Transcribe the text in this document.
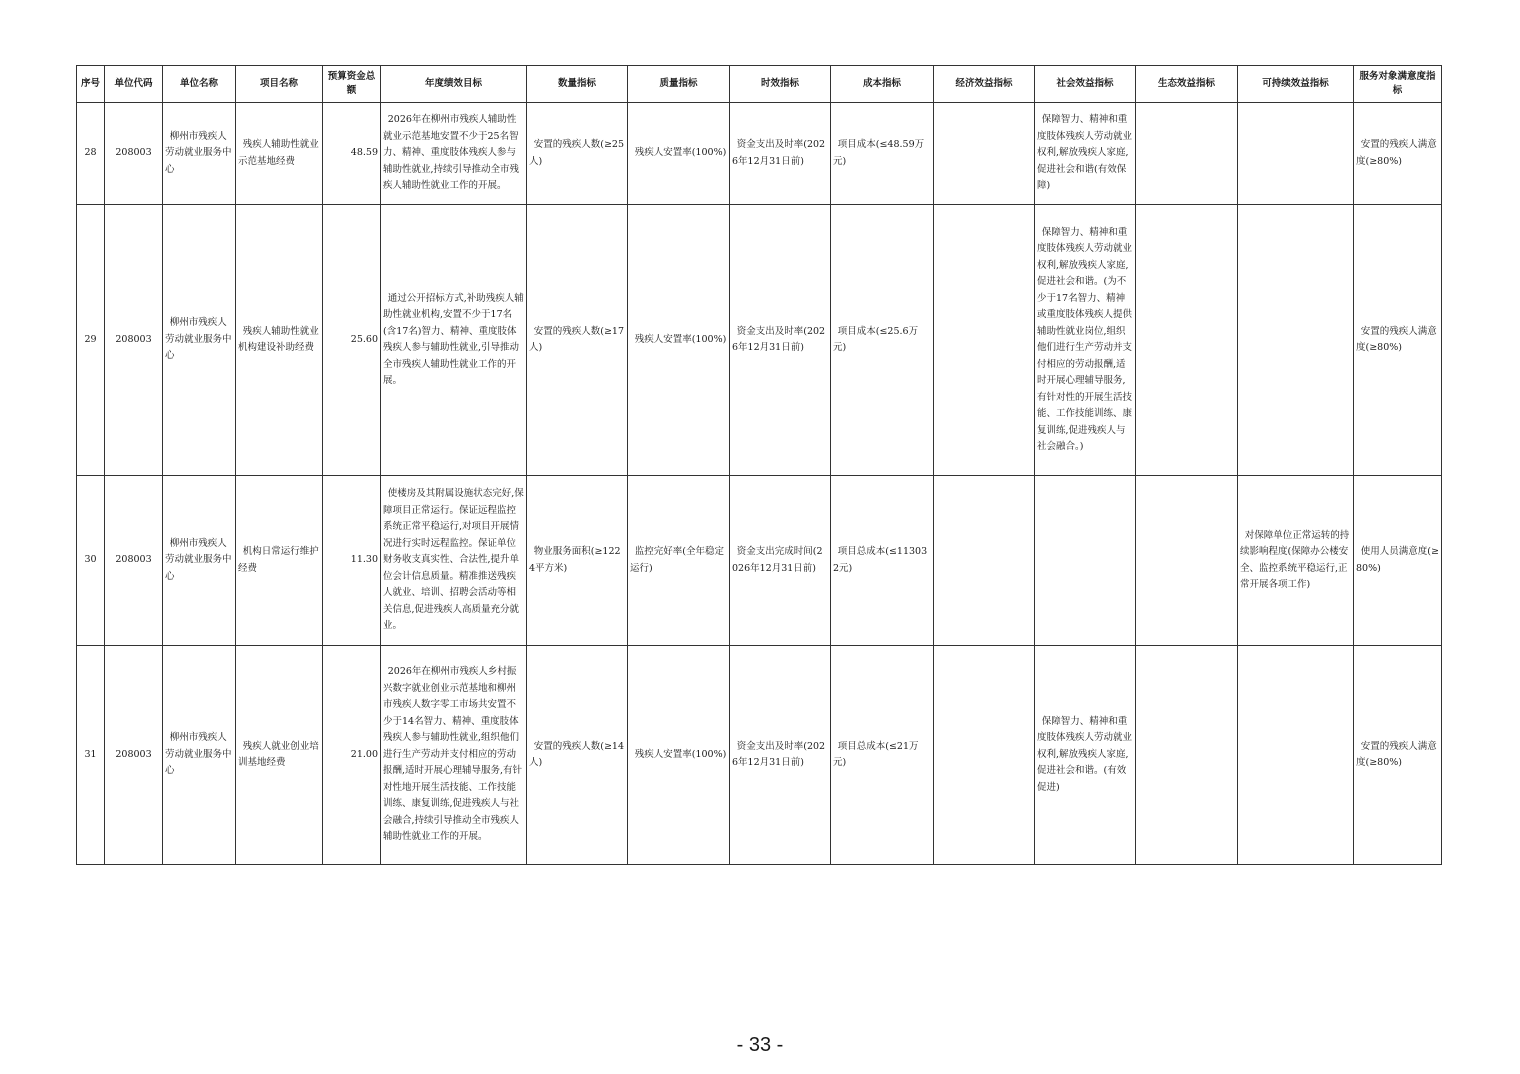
序号	单位代码	单位名称	项目名称	预算资金总额	年度绩效目标	数量指标	质量指标	时效指标	成本指标	经济效益指标	社会效益指标	生态效益指标	可持续效益指标	服务对象满意度指标
28	208003	柳州市残疾人劳动就业服务中心	残疾人辅助性就业示范基地经费	48.59	2026年在柳州市残疾人辅助性就业示范基地安置不少于25名智力、精神、重度肢体残疾人参与辅助性就业,持续引导推动全市残疾人辅助性就业工作的开展。	安置的残疾人数(≥25人)	残疾人安置率(100%)	资金支出及时率(2026年12月31日前)	项目成本(≤48.59万元)		保障智力、精神和重度肢体残疾人劳动就业权利,解放残疾人家庭,促进社会和谐(有效保障)			安置的残疾人满意度(≥80%)

29	208003	柳州市残疾人劳动就业服务中心	残疾人辅助性就业机构建设补助经费	25.60	通过公开招标方式,补助残疾人辅助性就业机构,安置不少于17名(含17名)智力、精神、重度肢体残疾人参与辅助性就业,引导推动全市残疾人辅助性就业工作的开展。	安置的残疾人数(≥17人)	残疾人安置率(100%)	资金支出及时率(2026年12月31日前)	项目成本(≤25.6万元)		保障智力、精神和重度肢体残疾人劳动就业权利,解放残疾人家庭,促进社会和谐。(为不少于17名智力、精神或重度肢体残疾人提供辅助性就业岗位,组织他们进行生产劳动并支付相应的劳动报酬,适时开展心理辅导服务,有针对性的开展生活技能、工作技能训练、康复训练,促进残疾人与社会融合。)			安置的残疾人满意度(≥80%)

30	208003	柳州市残疾人劳动就业服务中心	机构日常运行维护经费	11.30	使楼房及其附属设施状态完好,保障项目正常运行。保证远程监控系统正常平稳运行,对项目开展情况进行实时远程监控。保证单位财务收支真实性、合法性,提升单位会计信息质量。精准推送残疾人就业、培训、招聘会活动等相关信息,促进残疾人高质量充分就业。	物业服务面积(≥1224平方米)	监控完好率(全年稳定运行)	资金支出完成时间(2026年12月31日前)	项目总成本(≤113032元)				对保障单位正常运转的持续影响程度(保障办公楼安全、监控系统平稳运行,正常开展各项工作)	使用人员满意度(≥80%)

31	208003	柳州市残疾人劳动就业服务中心	残疾人就业创业培训基地经费	21.00	2026年在柳州市残疾人乡村振兴数字就业创业示范基地和柳州市残疾人数字零工市场共安置不少于14名智力、精神、重度肢体残疾人参与辅助性就业,组织他们进行生产劳动并支付相应的劳动报酬,适时开展心理辅导服务,有针对性地开展生活技能、工作技能训练、康复训练,促进残疾人与社会融合,持续引导推动全市残疾人辅助性就业工作的开展。	安置的残疾人数(≥14人)	残疾人安置率(100%)	资金支出及时率(2026年12月31日前)	项目总成本(≤21万元)		保障智力、精神和重度肢体残疾人劳动就业权利,解放残疾人家庭,促进社会和谐。(有效促进)			安置的残疾人满意度(≥80%)
- 33 -
